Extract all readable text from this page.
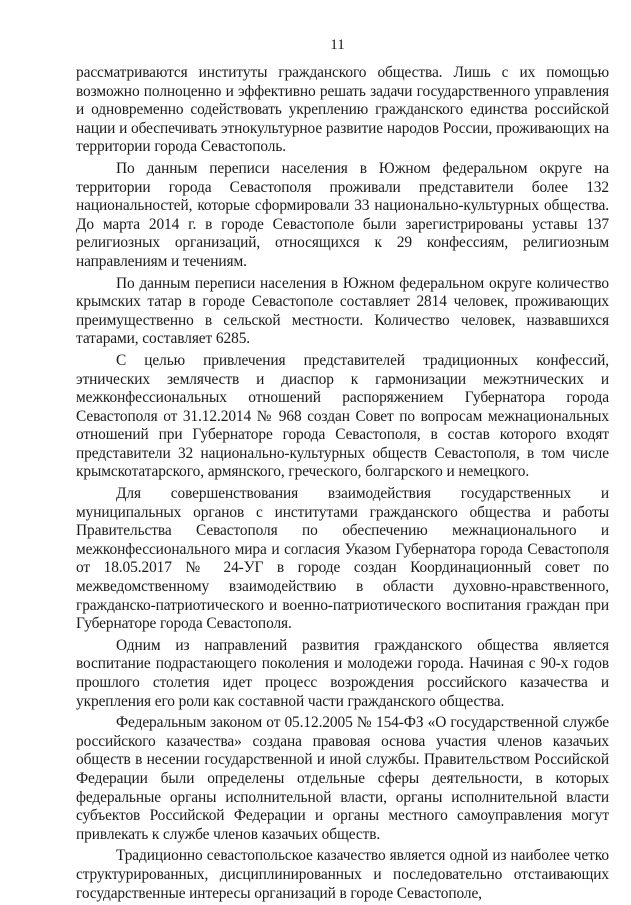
11
рассматриваются институты гражданского общества. Лишь с их помощью возможно полноценно и эффективно решать задачи государственного управления и одновременно содействовать укреплению гражданского единства российской нации и обеспечивать этнокультурное развитие народов России, проживающих на территории города Севастополь.
По данным переписи населения в Южном федеральном округе на территории города Севастополя проживали представители более 132 национальностей, которые сформировали 33 национально-культурных общества. До марта 2014 г. в городе Севастополе были зарегистрированы уставы 137 религиозных организаций, относящихся к 29 конфессиям, религиозным направлениям и течениям.
По данным переписи населения в Южном федеральном округе количество крымских татар в городе Севастополе составляет 2814 человек, проживающих преимущественно в сельской местности. Количество человек, назвавшихся татарами, составляет 6285.
С целью привлечения представителей традиционных конфессий, этнических землячеств и диаспор к гармонизации межэтнических и межконфессиональных отношений распоряжением Губернатора города Севастополя от 31.12.2014 № 968 создан Совет по вопросам межнациональных отношений при Губернаторе города Севастополя, в состав которого входят представители 32 национально-культурных обществ Севастополя, в том числе крымскотатарского, армянского, греческого, болгарского и немецкого.
Для совершенствования взаимодействия государственных и муниципальных органов с институтами гражданского общества и работы Правительства Севастополя по обеспечению межнационального и межконфессионального мира и согласия Указом Губернатора города Севастополя от 18.05.2017 № 24-УГ в городе создан Координационный совет по межведомственному взаимодействию в области духовно-нравственного, гражданско-патриотического и военно-патриотического воспитания граждан при Губернаторе города Севастополя.
Одним из направлений развития гражданского общества является воспитание подрастающего поколения и молодежи города. Начиная с 90-х годов прошлого столетия идет процесс возрождения российского казачества и укрепления его роли как составной части гражданского общества.
Федеральным законом от 05.12.2005 № 154-ФЗ «О государственной службе российского казачества» создана правовая основа участия членов казачьих обществ в несении государственной и иной службы. Правительством Российской Федерации были определены отдельные сферы деятельности, в которых федеральные органы исполнительной власти, органы исполнительной власти субъектов Российской Федерации и органы местного самоуправления могут привлекать к службе членов казачьих обществ.
Традиционно севастопольское казачество является одной из наиболее четко структурированных, дисциплинированных и последовательно отстаивающих государственные интересы организаций в городе Севастополе,
